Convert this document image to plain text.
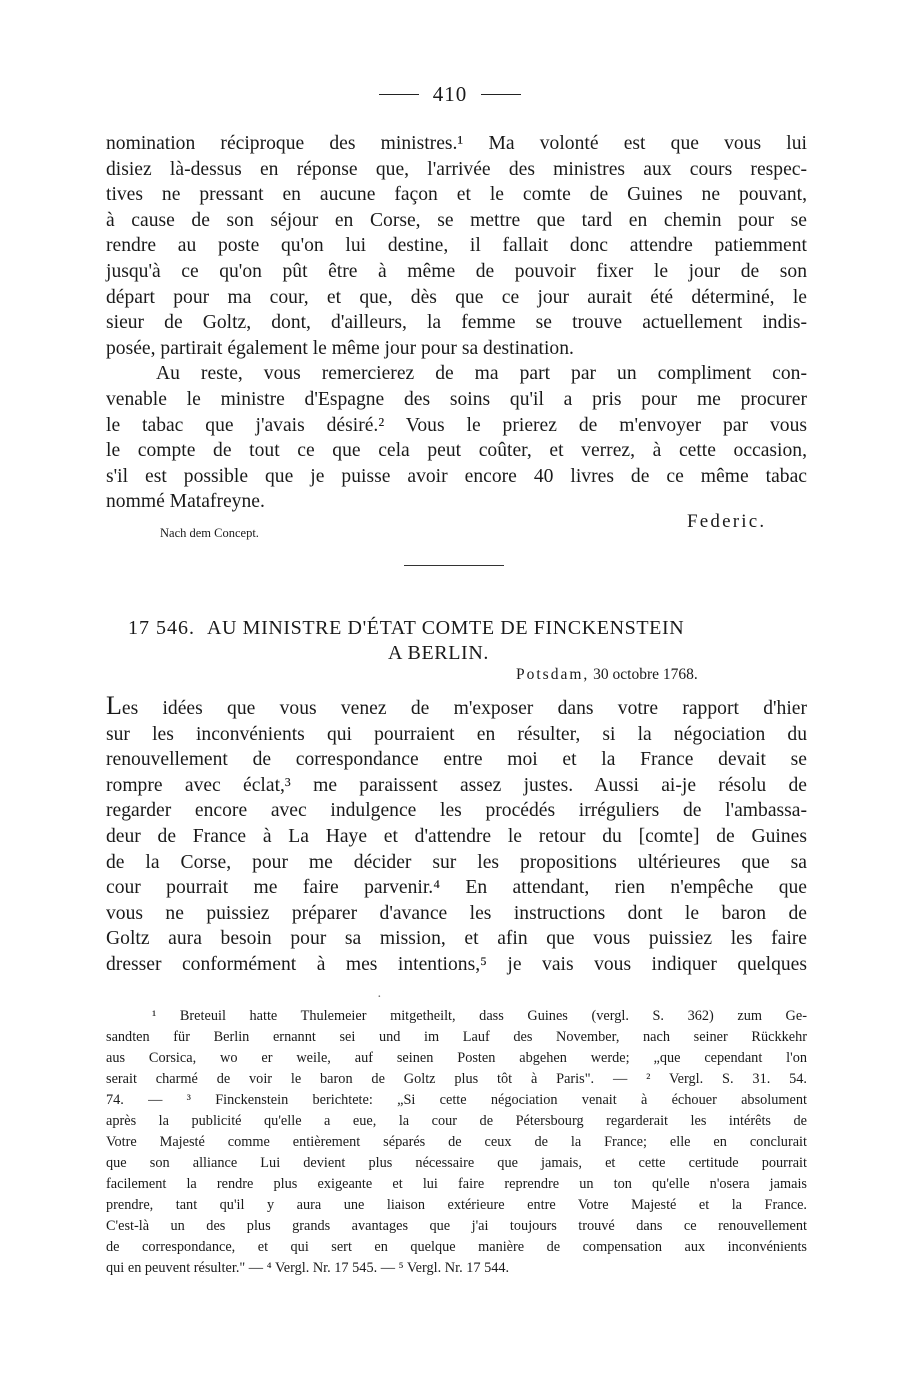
410

nomination réciproque des ministres.¹ Ma volonté est que vous lui
disiez là-dessus en réponse que, l'arrivée des ministres aux cours respec-
tives ne pressant en aucune façon et le comte de Guines ne pouvant,
à cause de son séjour en Corse, se mettre que tard en chemin pour se
rendre au poste qu'on lui destine, il fallait donc attendre patiemment
jusqu'à ce qu'on pût être à même de pouvoir fixer le jour de son
départ pour ma cour, et que, dès que ce jour aurait été déterminé, le
sieur de Goltz, dont, d'ailleurs, la femme se trouve actuellement indis-
posée, partirait également le même jour pour sa destination.

Au reste, vous remercierez de ma part par un compliment con-
venable le ministre d'Espagne des soins qu'il a pris pour me procurer
le tabac que j'avais désiré.² Vous le prierez de m'envoyer par vous
le compte de tout ce que cela peut coûter, et verrez, à cette occasion,
s'il est possible que je puisse avoir encore 40 livres de ce même tabac
nommé Matafreyne.

Nach dem Concept.
Federic.
17 546. AU MINISTRE D'ÉTAT COMTE DE FINCKENSTEIN
A BERLIN.
Potsdam, 30 octobre 1768.

Les idées que vous venez de m'exposer dans votre rapport d'hier
sur les inconvénients qui pourraient en résulter, si la négociation du
renouvellement de correspondance entre moi et la France devait se
rompre avec éclat,³ me paraissent assez justes. Aussi ai-je résolu de
regarder encore avec indulgence les procédés irréguliers de l'ambassa-
deur de France à La Haye et d'attendre le retour du [comte] de Guines
de la Corse, pour me décider sur les propositions ultérieures que sa
cour pourrait me faire parvenir.⁴ En attendant, rien n'empêche que
vous ne puissiez préparer d'avance les instructions dont le baron de
Goltz aura besoin pour sa mission, et afin que vous puissiez les faire
dresser conformément à mes intentions,⁵ je vais vous indiquer quelques

·

¹ Breteuil hatte Thulemeier mitgetheilt, dass Guines (vergl. S. 362) zum Ge-
sandten für Berlin ernannt sei und im Lauf des November, nach seiner Rückkehr
aus Corsica, wo er weile, auf seinen Posten abgehen werde; „que cependant l'on
serait charmé de voir le baron de Goltz plus tôt à Paris". — ² Vergl. S. 31. 54.
74. — ³ Finckenstein berichtete: „Si cette négociation venait à échouer absolument
après la publicité qu'elle a eue, la cour de Pétersbourg regarderait les intérêts de
Votre Majesté comme entièrement séparés de ceux de la France; elle en conclurait
que son alliance Lui devient plus nécessaire que jamais, et cette certitude pourrait
facilement la rendre plus exigeante et lui faire reprendre un ton qu'elle n'osera jamais
prendre, tant qu'il y aura une liaison extérieure entre Votre Majesté et la France.
C'est-là un des plus grands avantages que j'ai toujours trouvé dans ce renouvellement
de correspondance, et qui sert en quelque manière de compensation aux inconvénients
qui en peuvent résulter." — ⁴ Vergl. Nr. 17 545. — ⁵ Vergl. Nr. 17 544.
